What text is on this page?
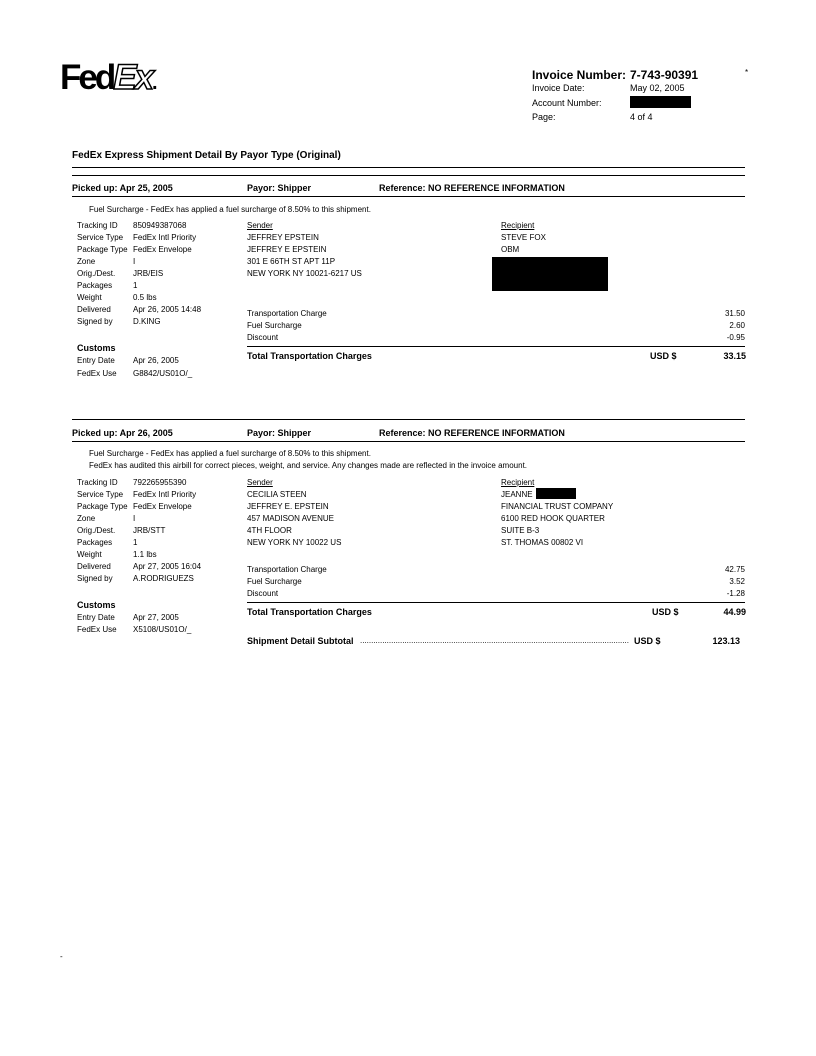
FedEx.	Invoice Number: 7-743-90391	*
Invoice Date:	May 02, 2005
Account Number:
Page:	4 of 4
FedEx Express Shipment Detail By Payor Type (Original)
Picked up: Apr 25, 2005	Payor: Shipper	Reference: NO REFERENCE INFORMATION
Fuel Surcharge - FedEx has applied a fuel surcharge of 8.50% to this shipment.
Tracking ID 850949387068
Service Type FedEx Intl Priority
Package Type FedEx Envelope
Zone	I
Orig./Dest. JRB/EIS
Packages	1
Weight	0.5 lbs
Delivered	Apr 26, 2005 14:48
Signed by	D.KING
Customs
Entry Date Apr 26, 2005
FedEx Use G8842/US01O/_
Sender
JEFFREY EPSTEIN
JEFFREY E EPSTEIN
301 E 66TH ST APT 11P
NEW YORK NY 10021-6217 US
Recipient
STEVE FOX
OBM
Transportation Charge	31.50
Fuel Surcharge	2.60
Discount	-0.95
Total Transportation Charges	USD $	33.15
Picked up: Apr 26, 2005	Payor: Shipper	Reference: NO REFERENCE INFORMATION
Fuel Surcharge - FedEx has applied a fuel surcharge of 8.50% to this shipment.
FedEx has audited this airbill for correct pieces, weight, and service. Any changes made are reflected in the invoice amount.
Tracking ID 792265955390
Service Type FedEx Intl Priority
Package Type FedEx Envelope
Zone	I
Orig./Dest. JRB/STT
Packages	1
Weight	1.1 lbs
Delivered	Apr 27, 2005 16:04
Signed by	A.RODRIGUEZS
Customs
Entry Date Apr 27, 2005
FedEx Use X5108/US01O/_
Sender
CECILIA STEEN
JEFFREY E. EPSTEIN
457 MADISON AVENUE
4TH FLOOR
NEW YORK NY 10022 US
Recipient
JEANNE
FINANCIAL TRUST COMPANY
6100 RED HOOK QUARTER
SUITE B-3
ST. THOMAS 00802 VI
Transportation Charge	42.75
Fuel Surcharge	3.52
Discount	-1.28
Total Transportation Charges	USD $	44.99
Shipment Detail Subtotal ......................................................................................................................... USD $	123.13
-
